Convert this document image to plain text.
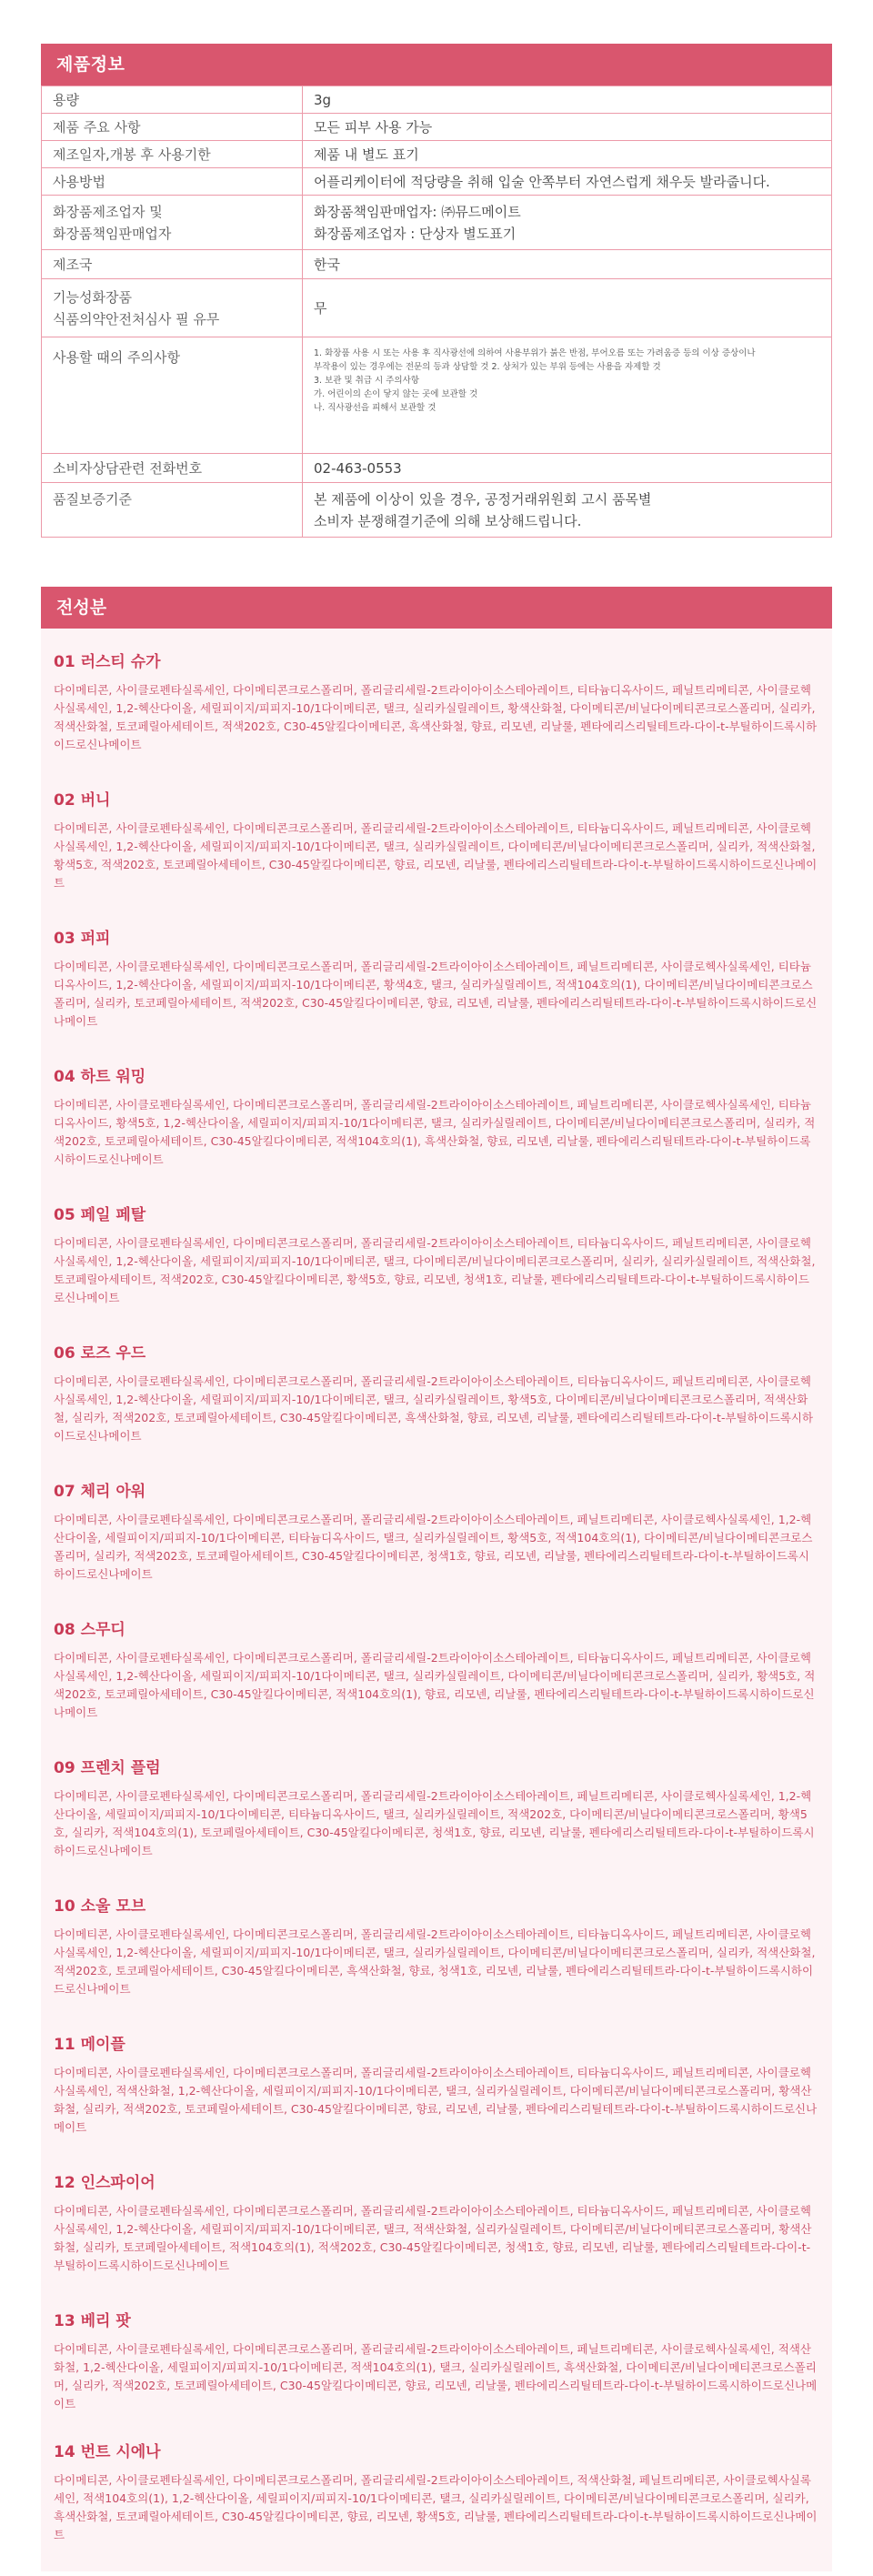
제품정보
용량	3g
제품 주요 사항	모든 피부 사용 가능
제조일자,개봉 후 사용기한	제품 내 별도 표기
사용방법	어플리케이터에 적당량을 취해 입술 안쪽부터 자연스럽게 채우듯 발라줍니다.
화장품제조업자 및
화장품책임판매업자	화장품책임판매업자: ㈜뮤드메이트
화장품제조업자 : 단상자 별도표기
제조국	한국
기능성화장품
식품의약안전처심사 필 유무	무
사용할 때의 주의사항	1. 화장품 사용 시 또는 사용 후 직사광선에 의하여 사용부위가 붉은 반점, 부어오름 또는 가려움증 등의 이상 증상이나
부작용이 있는 경우에는 전문의 등과 상담할 것 2. 상처가 있는 부위 등에는 사용을 자제할 것
3. 보관 및 취급 시 주의사항
가. 어린이의 손이 닿지 않는 곳에 보관할 것
나. 직사광선을 피해서 보관할 것

소비자상담관련 전화번호	02-463-0553
품질보증기준	본 제품에 이상이 있을 경우, 공정거래위원회 고시 품목별
소비자 분쟁해결기준에 의해 보상해드립니다.
전성분
01 러스티 슈가
다이메티콘, 사이클로펜타실록세인, 다이메티콘크로스폴리머, 폴리글리세릴-2트라이아이소스테아레이트, 티타늄디옥사이드, 페닐트리메티콘, 사이클로헥사실록세인, 1,2-헥산다이올, 세릴피이지/피피지-10/1다이메티콘, 탤크, 실리카실릴레이트, 황색산화철, 다이메티콘/비닐다이메티콘크로스폴리머, 실리카, 적색산화철, 토코페릴아세테이트, 적색202호, C30-45알킬다이메티콘, 흑색산화철, 향료, 리모넨, 리날룰, 펜타에리스리틸테트라-다이-t-부틸하이드록시하이드로신나메이트
02 버니
다이메티콘, 사이클로펜타실록세인, 다이메티콘크로스폴리머, 폴리글리세릴-2트라이아이소스테아레이트, 티타늄디옥사이드, 페닐트리메티콘, 사이클로헥사실록세인, 1,2-헥산다이올, 세릴피이지/피피지-10/1다이메티콘, 탤크, 실리카실릴레이트, 다이메티콘/비닐다이메티콘크로스폴리머, 실리카, 적색산화철, 황색5호, 적색202호, 토코페릴아세테이트, C30-45알킬다이메티콘, 향료, 리모넨, 리날룰, 펜타에리스리틸테트라-다이-t-부틸하이드록시하이드로신나메이트
03 퍼피
다이메티콘, 사이클로펜타실록세인, 다이메티콘크로스폴리머, 폴리글리세릴-2트라이아이소스테아레이트, 페닐트리메티콘, 사이클로헥사실록세인, 티타늄디옥사이드, 1,2-헥산다이올, 세릴피이지/피피지-10/1다이메티콘, 황색4호, 탤크, 실리카실릴레이트, 적색104호의(1), 다이메티콘/비닐다이메티콘크로스폴리머, 실리카, 토코페릴아세테이트, 적색202호, C30-45알킬다이메티콘, 향료, 리모넨, 리날룰, 펜타에리스리틸테트라-다이-t-부틸하이드록시하이드로신나메이트
04 하트 워밍
다이메티콘, 사이클로펜타실록세인, 다이메티콘크로스폴리머, 폴리글리세릴-2트라이아이소스테아레이트, 페닐트리메티콘, 사이클로헥사실록세인, 티타늄디옥사이드, 황색5호, 1,2-헥산다이올, 세릴피이지/피피지-10/1다이메티콘, 탤크, 실리카실릴레이트, 다이메티콘/비닐다이메티콘크로스폴리머, 실리카, 적색202호, 토코페릴아세테이트, C30-45알킬다이메티콘, 적색104호의(1), 흑색산화철, 향료, 리모넨, 리날룰, 펜타에리스리틸테트라-다이-t-부틸하이드록시하이드로신나메이트
05 페일 페탈
다이메티콘, 사이클로펜타실록세인, 다이메티콘크로스폴리머, 폴리글리세릴-2트라이아이소스테아레이트, 티타늄디옥사이드, 페닐트리메티콘, 사이클로헥사실록세인, 1,2-헥산다이올, 세릴피이지/피피지-10/1다이메티콘, 탤크, 다이메티콘/비닐다이메티콘크로스폴리머, 실리카, 실리카실릴레이트, 적색산화철, 토코페릴아세테이트, 적색202호, C30-45알킬다이메티콘, 황색5호, 향료, 리모넨, 청색1호, 리날룰, 펜타에리스리틸테트라-다이-t-부틸하이드록시하이드로신나메이트
06 로즈 우드
다이메티콘, 사이클로펜타실록세인, 다이메티콘크로스폴리머, 폴리글리세릴-2트라이아이소스테아레이트, 티타늄디옥사이드, 페닐트리메티콘, 사이클로헥사실록세인, 1,2-헥산다이올, 세릴피이지/피피지-10/1다이메티콘, 탤크, 실리카실릴레이트, 황색5호, 다이메티콘/비닐다이메티콘크로스폴리머, 적색산화철, 실리카, 적색202호, 토코페릴아세테이트, C30-45알킬다이메티콘, 흑색산화철, 향료, 리모넨, 리날룰, 펜타에리스리틸테트라-다이-t-부틸하이드록시하이드로신나메이트
07 체리 아워
다이메티콘, 사이클로펜타실록세인, 다이메티콘크로스폴리머, 폴리글리세릴-2트라이아이소스테아레이트, 페닐트리메티콘, 사이클로헥사실록세인, 1,2-헥산다이올, 세릴피이지/피피지-10/1다이메티콘, 티타늄디옥사이드, 탤크, 실리카실릴레이트, 황색5호, 적색104호의(1), 다이메티콘/비닐다이메티콘크로스폴리머, 실리카, 적색202호, 토코페릴아세테이트, C30-45알킬다이메티콘, 청색1호, 향료, 리모넨, 리날룰, 펜타에리스리틸테트라-다이-t-부틸하이드록시하이드로신나메이트
08 스무디
다이메티콘, 사이클로펜타실록세인, 다이메티콘크로스폴리머, 폴리글리세릴-2트라이아이소스테아레이트, 티타늄디옥사이드, 페닐트리메티콘, 사이클로헥사실록세인, 1,2-헥산다이올, 세릴피이지/피피지-10/1다이메티콘, 탤크, 실리카실릴레이트, 다이메티콘/비닐다이메티콘크로스폴리머, 실리카, 황색5호, 적색202호, 토코페릴아세테이트, C30-45알킬다이메티콘, 적색104호의(1), 향료, 리모넨, 리날룰, 펜타에리스리틸테트라-다이-t-부틸하이드록시하이드로신나메이트
09 프렌치 플럼
다이메티콘, 사이클로펜타실록세인, 다이메티콘크로스폴리머, 폴리글리세릴-2트라이아이소스테아레이트, 페닐트리메티콘, 사이클로헥사실록세인, 1,2-헥산다이올, 세릴피이지/피피지-10/1다이메티콘, 티타늄디옥사이드, 탤크, 실리카실릴레이트, 적색202호, 다이메티콘/비닐다이메티콘크로스폴리머, 황색5호, 실리카, 적색104호의(1), 토코페릴아세테이트, C30-45알킬다이메티콘, 청색1호, 향료, 리모넨, 리날룰, 펜타에리스리틸테트라-다이-t-부틸하이드록시하이드로신나메이트
10 소울 모브
다이메티콘, 사이클로펜타실록세인, 다이메티콘크로스폴리머, 폴리글리세릴-2트라이아이소스테아레이트, 티타늄디옥사이드, 페닐트리메티콘, 사이클로헥사실록세인, 1,2-헥산다이올, 세릴피이지/피피지-10/1다이메티콘, 탤크, 실리카실릴레이트, 다이메티콘/비닐다이메티콘크로스폴리머, 실리카, 적색산화철, 적색202호, 토코페릴아세테이트, C30-45알킬다이메티콘, 흑색산화철, 향료, 청색1호, 리모넨, 리날룰, 펜타에리스리틸테트라-다이-t-부틸하이드록시하이드로신나메이트
11 메이플
다이메티콘, 사이클로펜타실록세인, 다이메티콘크로스폴리머, 폴리글리세릴-2트라이아이소스테아레이트, 티타늄디옥사이드, 페닐트리메티콘, 사이클로헥사실록세인, 적색산화철, 1,2-헥산다이올, 세릴피이지/피피지-10/1다이메티콘, 탤크, 실리카실릴레이트, 다이메티콘/비닐다이메티콘크로스폴리머, 황색산화철, 실리카, 적색202호, 토코페릴아세테이트, C30-45알킬다이메티콘, 향료, 리모넨, 리날룰, 펜타에리스리틸테트라-다이-t-부틸하이드록시하이드로신나메이트
12 인스파이어
다이메티콘, 사이클로펜타실록세인, 다이메티콘크로스폴리머, 폴리글리세릴-2트라이아이소스테아레이트, 티타늄디옥사이드, 페닐트리메티콘, 사이클로헥사실록세인, 1,2-헥산다이올, 세릴피이지/피피지-10/1다이메티콘, 탤크, 적색산화철, 실리카실릴레이트, 다이메티콘/비닐다이메티콘크로스폴리머, 황색산화철, 실리카, 토코페릴아세테이트, 적색104호의(1), 적색202호, C30-45알킬다이메티콘, 청색1호, 향료, 리모넨, 리날룰, 펜타에리스리틸테트라-다이-t-부틸하이드록시하이드로신나메이트
13 베리 팟
다이메티콘, 사이클로펜타실록세인, 다이메티콘크로스폴리머, 폴리글리세릴-2트라이아이소스테아레이트, 페닐트리메티콘, 사이클로헥사실록세인, 적색산화철, 1,2-헥산다이올, 세릴피이지/피피지-10/1다이메티콘, 적색104호의(1), 탤크, 실리카실릴레이트, 흑색산화철, 다이메티콘/비닐다이메티콘크로스폴리머, 실리카, 적색202호, 토코페릴아세테이트, C30-45알킬다이메티콘, 향료, 리모넨, 리날룰, 펜타에리스리틸테트라-다이-t-부틸하이드록시하이드로신나메이트
14 번트 시에나
다이메티콘, 사이클로펜타실록세인, 다이메티콘크로스폴리머, 폴리글리세릴-2트라이아이소스테아레이트, 적색산화철, 페닐트리메티콘, 사이클로헥사실록세인, 적색104호의(1), 1,2-헥산다이올, 세릴피이지/피피지-10/1다이메티콘, 탤크, 실리카실릴레이트, 다이메티콘/비닐다이메티콘크로스폴리머, 실리카, 흑색산화철, 토코페릴아세테이트, C30-45알킬다이메티콘, 향료, 리모넨, 황색5호, 리날룰, 펜타에리스리틸테트라-다이-t-부틸하이드록시하이드로신나메이트
